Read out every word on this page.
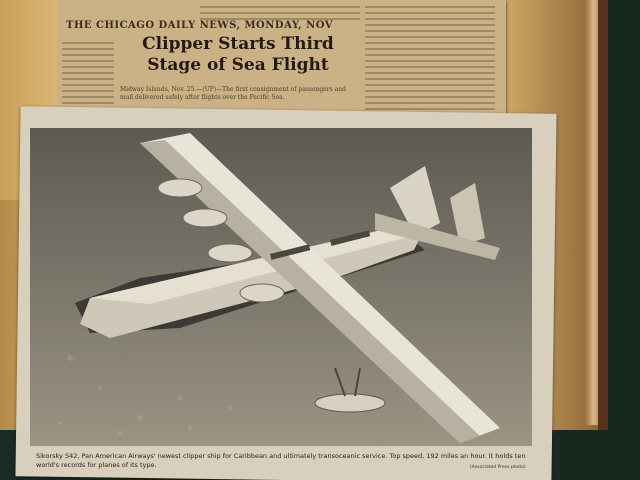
THE CHICAGO DAILY NEWS, MONDAY, NOV
Clipper Starts Third
Stage of Sea Flight
Midway Islands, Nov. 25.—(UP)—The first consignment of passengers and mail delivered safely after flights over the Pacific Sea.
Sikorsky S42, Pan American Airways' newest clipper ship for Caribbean and ultimately transoceanic service. Top speed, 192 miles an hour. It holds ten world's records for planes of its type.	(Associated Press photo)
